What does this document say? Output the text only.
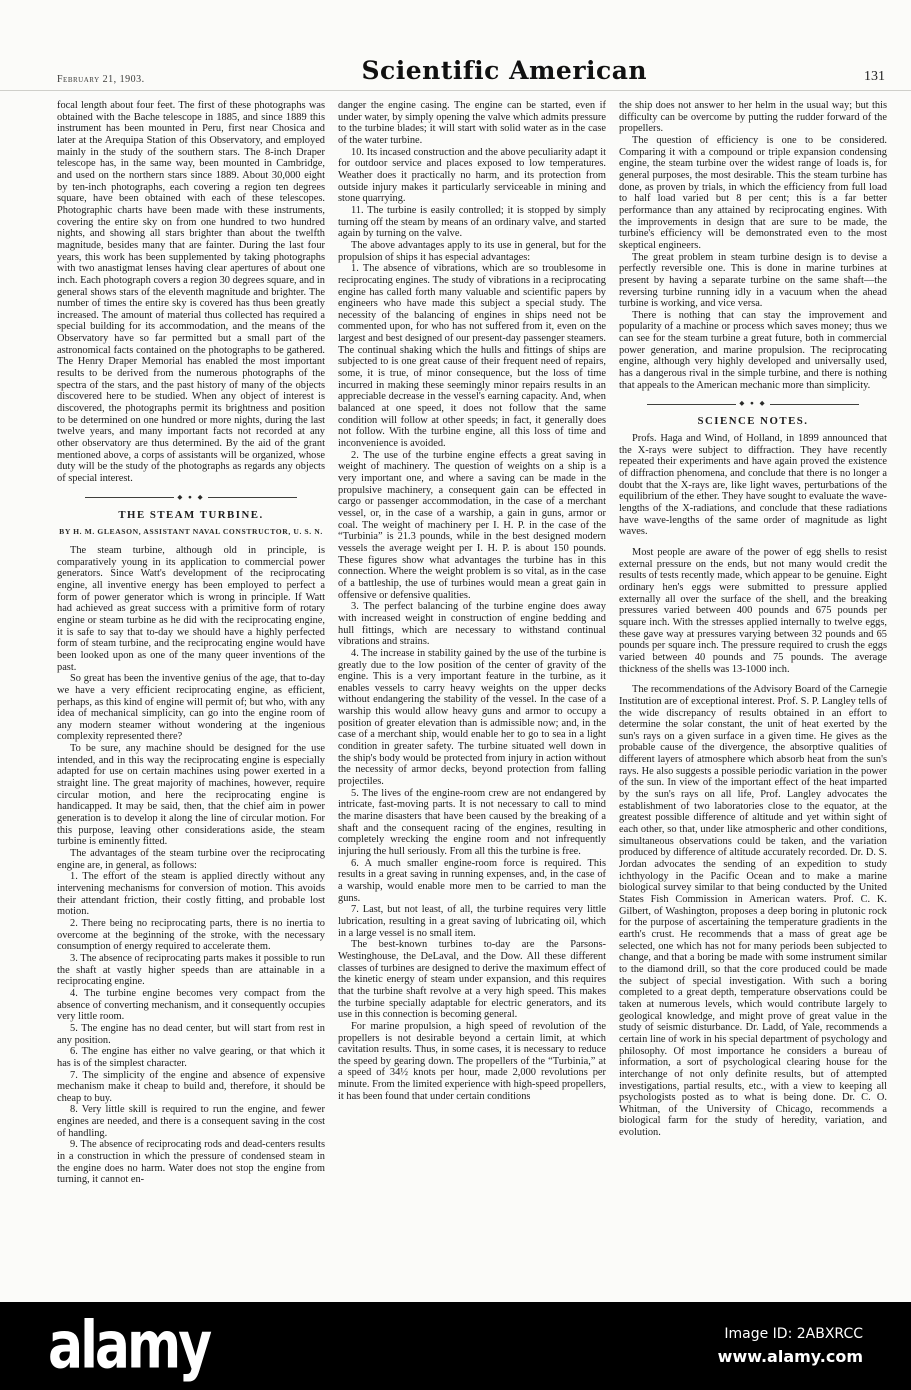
February 21, 1903.	Scientific American	131
focal length about four feet. The first of these photographs was obtained with the Bache telescope in 1885, and since 1889 this instrument has been mounted in Peru, first near Chosica and later at the Arequipa Station of this Observatory, and employed mainly in the study of the southern stars. The 8-inch Draper telescope has, in the same way, been mounted in Cambridge, and used on the northern stars since 1889. About 30,000 eight by ten-inch photographs, each covering a region ten degrees square, have been obtained with each of these telescopes. Photographic charts have been made with these instruments, covering the entire sky on from one hundred to two hundred nights, and showing all stars brighter than about the twelfth magnitude, besides many that are fainter. During the last four years, this work has been supplemented by taking photographs with two anastigmat lenses having clear apertures of about one inch. Each photograph covers a region 30 degrees square, and in general shows stars of the eleventh magnitude and brighter. The number of times the entire sky is covered has thus been greatly increased. The amount of material thus collected has required a special building for its accommodation, and the means of the Observatory have so far permitted but a small part of the astronomical facts contained on the photographs to be gathered. The Henry Draper Memorial has enabled the most important results to be derived from the numerous photographs of the spectra of the stars, and the past history of many of the objects discovered here to be studied. When any object of interest is discovered, the photographs permit its brightness and position to be determined on one hundred or more nights, during the last twelve years, and many important facts not recorded at any other observatory are thus determined. By the aid of the grant mentioned above, a corps of assistants will be organized, whose duty will be the study of the photographs as regards any objects of special interest.
◆ ● ◆
THE STEAM TURBINE.
BY H. M. GLEASON, ASSISTANT NAVAL CONSTRUCTOR, U. S. N.
The steam turbine, although old in principle, is comparatively young in its application to commercial power generators. Since Watt's development of the reciprocating engine, all inventive energy has been employed to perfect a form of power generator which is wrong in principle. If Watt had achieved as great success with a primitive form of rotary engine or steam turbine as he did with the reciprocating engine, it is safe to say that to-day we should have a highly perfected form of steam turbine, and the reciprocating engine would have been looked upon as one of the many queer inventions of the past.
So great has been the inventive genius of the age, that to-day we have a very efficient reciprocating engine, as efficient, perhaps, as this kind of engine will permit of; but who, with any idea of mechanical simplicity, can go into the engine room of any modern steamer without wondering at the ingenious complexity represented there?
To be sure, any machine should be designed for the use intended, and in this way the reciprocating engine is especially adapted for use on certain machines using power exerted in a straight line. The great majority of machines, however, require circular motion, and here the reciprocating engine is handicapped. It may be said, then, that the chief aim in power generation is to develop it along the line of circular motion. For this purpose, leaving other considerations aside, the steam turbine is eminently fitted.
The advantages of the steam turbine over the reciprocating engine are, in general, as follows:
1. The effort of the steam is applied directly without any intervening mechanisms for conversion of motion. This avoids their attendant friction, their costly fitting, and probable lost motion.
2. There being no reciprocating parts, there is no inertia to overcome at the beginning of the stroke, with the necessary consumption of energy required to accelerate them.
3. The absence of reciprocating parts makes it possible to run the shaft at vastly higher speeds than are attainable in a reciprocating engine.
4. The turbine engine becomes very compact from the absence of converting mechanism, and it consequently occupies very little room.
5. The engine has no dead center, but will start from rest in any position.
6. The engine has either no valve gearing, or that which it has is of the simplest character.
7. The simplicity of the engine and absence of expensive mechanism make it cheap to build and, therefore, it should be cheap to buy.
8. Very little skill is required to run the engine, and fewer engines are needed, and there is a consequent saving in the cost of handling.
9. The absence of reciprocating rods and dead-centers results in a construction in which the pressure of condensed steam in the engine does no harm. Water does not stop the engine from turning, it cannot en-
danger the engine casing. The engine can be started, even if under water, by simply opening the valve which admits pressure to the turbine blades; it will start with solid water as in the case of the water turbine.
10. Its incased construction and the above peculiarity adapt it for outdoor service and places exposed to low temperatures. Weather does it practically no harm, and its protection from outside injury makes it particularly serviceable in mining and stone quarrying.
11. The turbine is easily controlled; it is stopped by simply turning off the steam by means of an ordinary valve, and started again by turning on the valve.
The above advantages apply to its use in general, but for the propulsion of ships it has especial advantages:
1. The absence of vibrations, which are so troublesome in reciprocating engines. The study of vibrations in a reciprocating engine has called forth many valuable and scientific papers by engineers who have made this subject a special study. The necessity of the balancing of engines in ships need not be commented upon, for who has not suffered from it, even on the largest and best designed of our present-day passenger steamers. The continual shaking which the hulls and fittings of ships are subjected to is one great cause of their frequent need of repairs, some, it is true, of minor consequence, but the loss of time incurred in making these seemingly minor repairs results in an appreciable decrease in the vessel's earning capacity. And, when balanced at one speed, it does not follow that the same condition will follow at other speeds; in fact, it generally does not follow. With the turbine engine, all this loss of time and inconvenience is avoided.
2. The use of the turbine engine effects a great saving in weight of machinery. The question of weights on a ship is a very important one, and where a saving can be made in the propulsive machinery, a consequent gain can be effected in cargo or passenger accommodation, in the case of a merchant vessel, or, in the case of a warship, a gain in guns, armor or coal. The weight of machinery per I. H. P. in the case of the “Turbinia” is 21.3 pounds, while in the best designed modern vessels the average weight per I. H. P. is about 150 pounds. These figures show what advantages the turbine has in this connection. Where the weight problem is so vital, as in the case of a battleship, the use of turbines would mean a great gain in offensive or defensive qualities.
3. The perfect balancing of the turbine engine does away with increased weight in construction of engine bedding and hull fittings, which are necessary to withstand continual vibrations and strains.
4. The increase in stability gained by the use of the turbine is greatly due to the low position of the center of gravity of the engine. This is a very important feature in the turbine, as it enables vessels to carry heavy weights on the upper decks without endangering the stability of the vessel. In the case of a warship this would allow heavy guns and armor to occupy a position of greater elevation than is admissible now; and, in the case of a merchant ship, would enable her to go to sea in a light condition in greater safety. The turbine situated well down in the ship's body would be protected from injury in action without the necessity of armor decks, beyond protection from falling projectiles.
5. The lives of the engine-room crew are not endangered by intricate, fast-moving parts. It is not necessary to call to mind the marine disasters that have been caused by the breaking of a shaft and the consequent racing of the engines, resulting in completely wrecking the engine room and not infrequently injuring the hull seriously. From all this the turbine is free.
6. A much smaller engine-room force is required. This results in a great saving in running expenses, and, in the case of a warship, would enable more men to be carried to man the guns.
7. Last, but not least, of all, the turbine requires very little lubrication, resulting in a great saving of lubricating oil, which in a large vessel is no small item.
The best-known turbines to-day are the Parsons-Westinghouse, the DeLaval, and the Dow. All these different classes of turbines are designed to derive the maximum effect of the kinetic energy of steam under expansion, and this requires that the turbine shaft revolve at a very high speed. This makes the turbine specially adaptable for electric generators, and its use in this connection is becoming general.
For marine propulsion, a high speed of revolution of the propellers is not desirable beyond a certain limit, at which cavitation results. Thus, in some cases, it is necessary to reduce the speed by gearing down. The propellers of the “Turbinia,” at a speed of 34½ knots per hour, made 2,000 revolutions per minute. From the limited experience with high-speed propellers, it has been found that under certain conditions
the ship does not answer to her helm in the usual way; but this difficulty can be overcome by putting the rudder forward of the propellers.
The question of efficiency is one to be considered. Comparing it with a compound or triple expansion condensing engine, the steam turbine over the widest range of loads is, for general purposes, the most desirable. This the steam turbine has done, as proven by trials, in which the efficiency from full load to half load varied but 8 per cent; this is a far better performance than any attained by reciprocating engines. With the improvements in design that are sure to be made, the turbine's efficiency will be demonstrated even to the most skeptical engineers.
The great problem in steam turbine design is to devise a perfectly reversible one. This is done in marine turbines at present by having a separate turbine on the same shaft—the reversing turbine running idly in a vacuum when the ahead turbine is working, and vice versa.
There is nothing that can stay the improvement and popularity of a machine or process which saves money; thus we can see for the steam turbine a great future, both in commercial power generation, and marine propulsion. The reciprocating engine, although very highly developed and universally used, has a dangerous rival in the simple turbine, and there is nothing that appeals to the American mechanic more than simplicity.
◆ ● ◆
SCIENCE NOTES.
Profs. Haga and Wind, of Holland, in 1899 announced that the X-rays were subject to diffraction. They have recently repeated their experiments and have again proved the existence of diffraction phenomena, and conclude that there is no longer a doubt that the X-rays are, like light waves, perturbations of the equilibrium of the ether. They have sought to evaluate the wave-lengths of the X-radiations, and conclude that these radiations have wave-lengths of the same order of magnitude as light waves.
Most people are aware of the power of egg shells to resist external pressure on the ends, but not many would credit the results of tests recently made, which appear to be genuine. Eight ordinary hen's eggs were submitted to pressure applied externally all over the surface of the shell, and the breaking pressures varied between 400 pounds and 675 pounds per square inch. With the stresses applied internally to twelve eggs, these gave way at pressures varying between 32 pounds and 65 pounds per square inch. The pressure required to crush the eggs varied between 40 pounds and 75 pounds. The average thickness of the shells was 13-1000 inch.
The recommendations of the Advisory Board of the Carnegie Institution are of exceptional interest. Prof. S. P. Langley tells of the wide discrepancy of results obtained in an effort to determine the solar constant, the unit of heat exerted by the sun's rays on a given surface in a given time. He gives as the probable cause of the divergence, the absorptive qualities of different layers of atmosphere which absorb heat from the sun's rays. He also suggests a possible periodic variation in the power of the sun. In view of the important effect of the heat imparted by the sun's rays on all life, Prof. Langley advocates the establishment of two laboratories close to the equator, at the greatest possible difference of altitude and yet within sight of each other, so that, under like atmospheric and other conditions, simultaneous observations could be taken, and the variation produced by difference of altitude accurately recorded. Dr. D. S. Jordan advocates the sending of an expedition to study ichthyology in the Pacific Ocean and to make a marine biological survey similar to that being conducted by the United States Fish Commission in American waters. Prof. C. K. Gilbert, of Washington, proposes a deep boring in plutonic rock for the purpose of ascertaining the temperature gradients in the earth's crust. He recommends that a mass of great age be selected, one which has not for many periods been subjected to change, and that a boring be made with some instrument similar to the diamond drill, so that the core produced could be made the subject of special investigation. With such a boring completed to a great depth, temperature observations could be taken at numerous levels, which would contribute largely to geological knowledge, and might prove of great value in the study of seismic disturbance. Dr. Ladd, of Yale, recommends a certain line of work in his special department of psychology and philosophy. Of most importance he considers a bureau of information, a sort of psychological clearing house for the interchange of not only definite results, but of attempted investigations, partial results, etc., with a view to keeping all psychologists posted as to what is being done. Dr. C. O. Whitman, of the University of Chicago, recommends a biological farm for the study of heredity, variation, and evolution.
alamy	Image ID: 2ABXRCC
www.alamy.com
